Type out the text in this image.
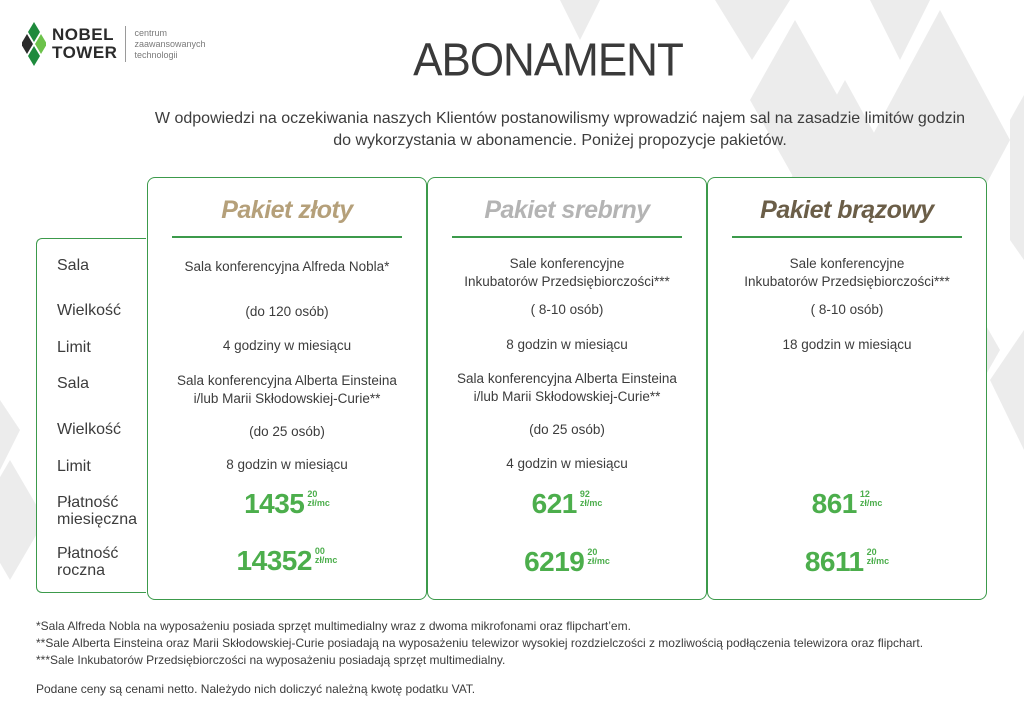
NOBEL
TOWER
centrum
zaawansowanych
technologii	ABONAMENT
W odpowiedzi na oczekiwania naszych Klientów postanowilismy wprowadzić najem sal na zasadzie limitów godzin
do wykorzystania w abonamencie. Poniżej propozycje pakietów.
Sala
Wielkość
Limit
Sala
Wielkość
Limit
Płatność
miesięczna
Płatność
roczna
Pakiet złoty
Sala konferencyjna Alfreda Nobla*
(do 120 osób)
4 godziny w miesiącu
Sala konferencyjna Alberta Einsteina
i/lub Marii Skłodowskiej-Curie**
(do 25 osób)
8 godzin w miesiącu
1435 20
zł/mc
14352 00
zł/mc
Pakiet srebrny
Sale konferencyjne
Inkubatorów Przedsiębiorczości***
( 8-10 osób)
8 godzin w miesiącu
Sala konferencyjna Alberta Einsteina
i/lub Marii Skłodowskiej-Curie**
(do 25 osób)
4 godzin w miesiącu
621 92
zł/mc
6219 20
zł/mc
Pakiet brązowy
Sale konferencyjne
Inkubatorów Przedsiębiorczości***
( 8-10 osób)
18 godzin w miesiącu
861 12
zł/mc
8611 20
zł/mc
*Sala Alfreda Nobla na wyposażeniu posiada sprzęt multimedialny wraz z dwoma mikrofonami oraz flipchart’em.
**Sale Alberta Einsteina oraz Marii Skłodowskiej-Curie posiadają na wyposażeniu telewizor wysokiej rozdzielczości z mozliwością podłączenia telewizora oraz flipchart.
***Sale Inkubatorów Przedsiębiorczości na wyposażeniu posiadają sprzęt multimedialny.
Podane ceny są cenami netto. Należydo nich doliczyć należną kwotę podatku VAT.
